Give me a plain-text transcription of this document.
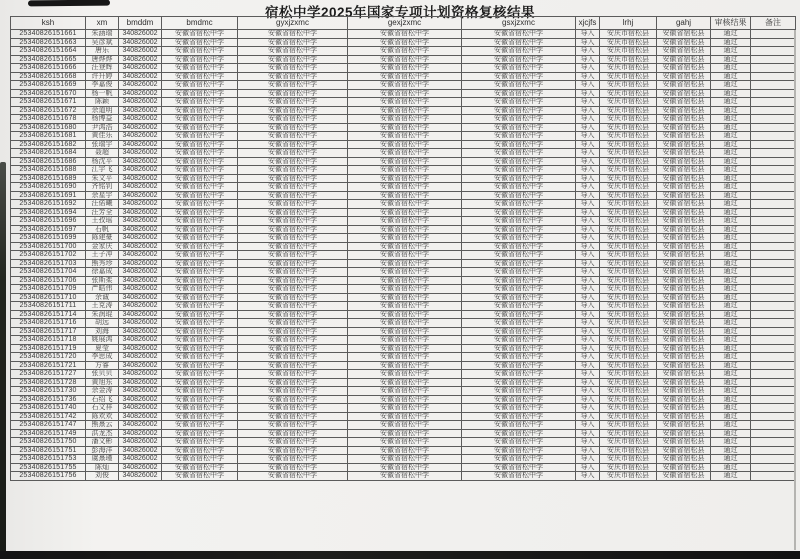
宿松中学2025年国家专项计划资格复核结果
ksh	xm	bmddm	bmdmc	gyxjzxmc	gexjzxmc	gsxjzxmc	xjcjfs	lrhj	gahj	审核结果	备注
25340826151661	朱涵瑞	340826002	安徽省宿松中学	安徽省宿松中学	安徽省宿松中学	安徽省宿松中学	导入	安庆市宿松县	安徽省宿松县	通过	
25340826151663	吴彦斌	340826002	安徽省宿松中学	安徽省宿松中学	安徽省宿松中学	安徽省宿松中学	导入	安庆市宿松县	安徽省宿松县	通过	
25340826151664	唐乐	340826002	安徽省宿松中学	安徽省宿松中学	安徽省宿松中学	安徽省宿松中学	导入	安庆市宿松县	安徽省宿松县	通过	
25340826151665	唐烨烨	340826002	安徽省宿松中学	安徽省宿松中学	安徽省宿松中学	安徽省宿松中学	导入	安庆市宿松县	安徽省宿松县	通过	
25340826151666	汪登辉	340826002	安徽省宿松中学	安徽省宿松中学	安徽省宿松中学	安徽省宿松中学	导入	安庆市宿松县	安徽省宿松县	通过	
25340826151668	许升婷	340826002	安徽省宿松中学	安徽省宿松中学	安徽省宿松中学	安徽省宿松中学	导入	安庆市宿松县	安徽省宿松县	通过	
25340826151669	李嘉俊	340826002	安徽省宿松中学	安徽省宿松中学	安徽省宿松中学	安徽省宿松中学	导入	安庆市宿松县	安徽省宿松县	通过	
25340826151670	杨一帆	340826002	安徽省宿松中学	安徽省宿松中学	安徽省宿松中学	安徽省宿松中学	导入	安庆市宿松县	安徽省宿松县	通过	
25340826151671	陈颖	340826002	安徽省宿松中学	安徽省宿松中学	安徽省宿松中学	安徽省宿松中学	导入	安庆市宿松县	安徽省宿松县	通过	
25340826151672	余道明	340826002	安徽省宿松中学	安徽省宿松中学	安徽省宿松中学	安徽省宿松中学	导入	安庆市宿松县	安徽省宿松县	通过	
25340826151678	杨博益	340826002	安徽省宿松中学	安徽省宿松中学	安徽省宿松中学	安徽省宿松中学	导入	安庆市宿松县	安徽省宿松县	通过	
25340826151680	尹鸿浩	340826002	安徽省宿松中学	安徽省宿松中学	安徽省宿松中学	安徽省宿松中学	导入	安庆市宿松县	安徽省宿松县	通过	
25340826151681	黄佳乐	340826002	安徽省宿松中学	安徽省宿松中学	安徽省宿松中学	安徽省宿松中学	导入	安庆市宿松县	安徽省宿松县	通过	
25340826151682	张瑞宇	340826002	安徽省宿松中学	安徽省宿松中学	安徽省宿松中学	安徽省宿松中学	导入	安庆市宿松县	安徽省宿松县	通过	
25340826151684	聂超	340826002	安徽省宿松中学	安徽省宿松中学	安徽省宿松中学	安徽省宿松中学	导入	安庆市宿松县	安徽省宿松县	通过	
25340826151686	杨沈平	340826002	安徽省宿松中学	安徽省宿松中学	安徽省宿松中学	安徽省宿松中学	导入	安庆市宿松县	安徽省宿松县	通过	
25340826151688	江宇飞	340826002	安徽省宿松中学	安徽省宿松中学	安徽省宿松中学	安徽省宿松中学	导入	安庆市宿松县	安徽省宿松县	通过	
25340826151689	朱文平	340826002	安徽省宿松中学	安徽省宿松中学	安徽省宿松中学	安徽省宿松中学	导入	安庆市宿松县	安徽省宿松县	通过	
25340826151690	齐铭钊	340826002	安徽省宿松中学	安徽省宿松中学	安徽省宿松中学	安徽省宿松中学	导入	安庆市宿松县	安徽省宿松县	通过	
25340826151691	余星宇	340826002	安徽省宿松中学	安徽省宿松中学	安徽省宿松中学	安徽省宿松中学	导入	安庆市宿松县	安徽省宿松县	通过	
25340826151692	汪偌曦	340826002	安徽省宿松中学	安徽省宿松中学	安徽省宿松中学	安徽省宿松中学	导入	安庆市宿松县	安徽省宿松县	通过	
25340826151694	汪芳全	340826002	安徽省宿松中学	安徽省宿松中学	安徽省宿松中学	安徽省宿松中学	导入	安庆市宿松县	安徽省宿松县	通过	
25340826151696	王孜瑶	340826002	安徽省宿松中学	安徽省宿松中学	安徽省宿松中学	安徽省宿松中学	导入	安庆市宿松县	安徽省宿松县	通过	
25340826151697	石帆	340826002	安徽省宿松中学	安徽省宿松中学	安徽省宿松中学	安徽省宿松中学	导入	安庆市宿松县	安徽省宿松县	通过	
25340826151699	陈建豪	340826002	安徽省宿松中学	安徽省宿松中学	安徽省宿松中学	安徽省宿松中学	导入	安庆市宿松县	安徽省宿松县	通过	
25340826151700	金家庆	340826002	安徽省宿松中学	安徽省宿松中学	安徽省宿松中学	安徽省宿松中学	导入	安庆市宿松县	安徽省宿松县	通过	
25340826151702	王子冲	340826002	安徽省宿松中学	安徽省宿松中学	安徽省宿松中学	安徽省宿松中学	导入	安庆市宿松县	安徽省宿松县	通过	
25340826151703	熊秀珍	340826002	安徽省宿松中学	安徽省宿松中学	安徽省宿松中学	安徽省宿松中学	导入	安庆市宿松县	安徽省宿松县	通过	
25340826151704	徐嘉成	340826002	安徽省宿松中学	安徽省宿松中学	安徽省宿松中学	安徽省宿松中学	导入	安庆市宿松县	安徽省宿松县	通过	
25340826151706	张斯柔	340826002	安徽省宿松中学	安徽省宿松中学	安徽省宿松中学	安徽省宿松中学	导入	安庆市宿松县	安徽省宿松县	通过	
25340826151709	严皓伟	340826002	安徽省宿松中学	安徽省宿松中学	安徽省宿松中学	安徽省宿松中学	导入	安庆市宿松县	安徽省宿松县	通过	
25340826151710	余诚	340826002	安徽省宿松中学	安徽省宿松中学	安徽省宿松中学	安徽省宿松中学	导入	安庆市宿松县	安徽省宿松县	通过	
25340826151711	王克涛	340826002	安徽省宿松中学	安徽省宿松中学	安徽省宿松中学	安徽省宿松中学	导入	安庆市宿松县	安徽省宿松县	通过	
25340826151714	朱润琨	340826002	安徽省宿松中学	安徽省宿松中学	安徽省宿松中学	安徽省宿松中学	导入	安庆市宿松县	安徽省宿松县	通过	
25340826151716	胡远	340826002	安徽省宿松中学	安徽省宿松中学	安徽省宿松中学	安徽省宿松中学	导入	安庆市宿松县	安徽省宿松县	通过	
25340826151717	刘海	340826002	安徽省宿松中学	安徽省宿松中学	安徽省宿松中学	安徽省宿松中学	导入	安庆市宿松县	安徽省宿松县	通过	
25340826151718	姚展鸿	340826002	安徽省宿松中学	安徽省宿松中学	安徽省宿松中学	安徽省宿松中学	导入	安庆市宿松县	安徽省宿松县	通过	
25340826151719	夏莹	340826002	安徽省宿松中学	安徽省宿松中学	安徽省宿松中学	安徽省宿松中学	导入	安庆市宿松县	安徽省宿松县	通过	
25340826151720	李思成	340826002	安徽省宿松中学	安徽省宿松中学	安徽省宿松中学	安徽省宿松中学	导入	安庆市宿松县	安徽省宿松县	通过	
25340826151721	方睿	340826002	安徽省宿松中学	安徽省宿松中学	安徽省宿松中学	安徽省宿松中学	导入	安庆市宿松县	安徽省宿松县	通过	
25340826151727	张贝贝	340826002	安徽省宿松中学	安徽省宿松中学	安徽省宿松中学	安徽省宿松中学	导入	安庆市宿松县	安徽省宿松县	通过	
25340826151728	黄旭东	340826002	安徽省宿松中学	安徽省宿松中学	安徽省宿松中学	安徽省宿松中学	导入	安庆市宿松县	安徽省宿松县	通过	
25340826151730	余金涛	340826002	安徽省宿松中学	安徽省宿松中学	安徽省宿松中学	安徽省宿松中学	导入	安庆市宿松县	安徽省宿松县	通过	
25340826151736	石绍飞	340826002	安徽省宿松中学	安徽省宿松中学	安徽省宿松中学	安徽省宿松中学	导入	安庆市宿松县	安徽省宿松县	通过	
25340826151740	石文祥	340826002	安徽省宿松中学	安徽省宿松中学	安徽省宿松中学	安徽省宿松中学	导入	安庆市宿松县	安徽省宿松县	通过	
25340826151742	陈欢欢	340826002	安徽省宿松中学	安徽省宿松中学	安徽省宿松中学	安徽省宿松中学	导入	安庆市宿松县	安徽省宿松县	通过	
25340826151747	熊熹云	340826002	安徽省宿松中学	安徽省宿松中学	安徽省宿松中学	安徽省宿松中学	导入	安庆市宿松县	安徽省宿松县	通过	
25340826151749	洪龙杰	340826002	安徽省宿松中学	安徽省宿松中学	安徽省宿松中学	安徽省宿松中学	导入	安庆市宿松县	安徽省宿松县	通过	
25340826151750	潘文彬	340826002	安徽省宿松中学	安徽省宿松中学	安徽省宿松中学	安徽省宿松中学	导入	安庆市宿松县	安徽省宿松县	通过	
25340826151751	彭海洋	340826002	安徽省宿松中学	安徽省宿松中学	安徽省宿松中学	安徽省宿松中学	导入	安庆市宿松县	安徽省宿松县	通过	
25340826151753	虞熹瑾	340826002	安徽省宿松中学	安徽省宿松中学	安徽省宿松中学	安徽省宿松中学	导入	安庆市宿松县	安徽省宿松县	通过	
25340826151755	陈灿	340826002	安徽省宿松中学	安徽省宿松中学	安徽省宿松中学	安徽省宿松中学	导入	安庆市宿松县	安徽省宿松县	通过	
25340826151756	刘俊	340826002	安徽省宿松中学	安徽省宿松中学	安徽省宿松中学	安徽省宿松中学	导入	安庆市宿松县	安徽省宿松县	通过	
